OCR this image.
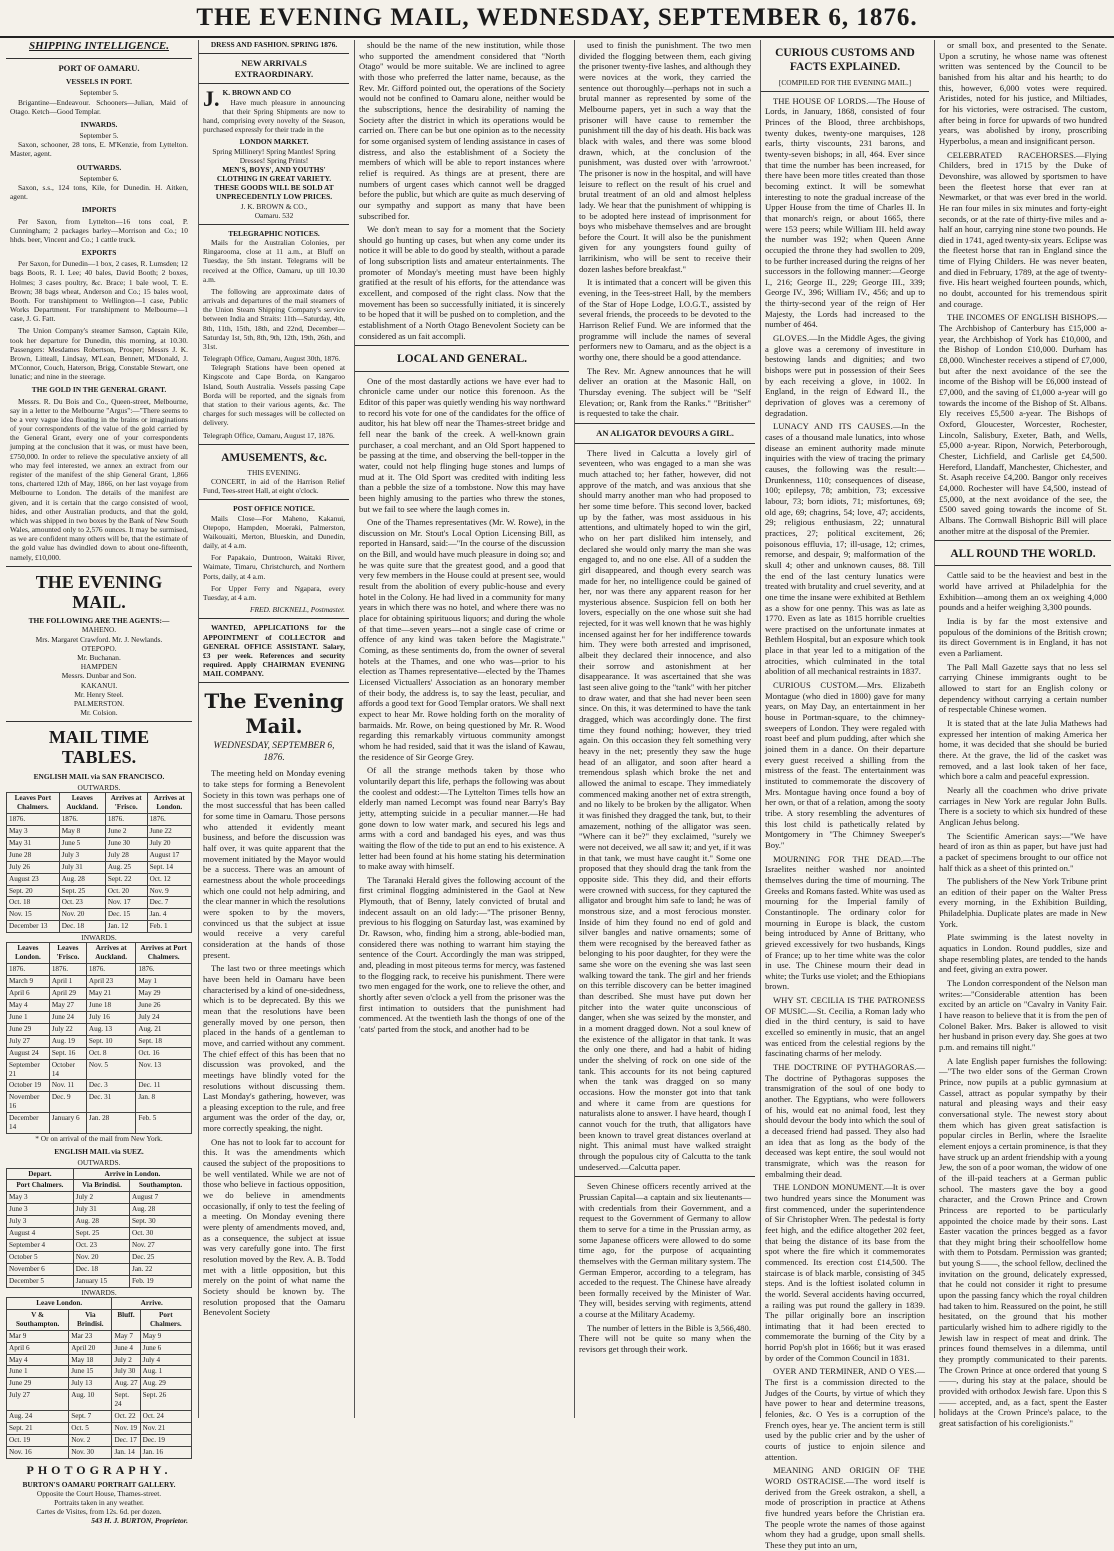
THE EVENING MAIL, WEDNESDAY, SEPTEMBER 6, 1876.
SHIPPING INTELLIGENCE.
PORT OF OAMARU.
VESSELS IN PORT.
September 5.

Brigantine—Endeavour. Schooners—Julian, Maid of Otago. Ketch—Good Templar.

INWARDS.
September 5.

Saxon, schooner, 28 tons, E. M'Kenzie, from Lyttelton. Master, agent.

OUTWARDS.
September 6.

Saxon, s.s., 124 tons, Kile, for Dunedin. H. Aitken, agent.

IMPORTS

Per Saxon, from Lyttelton—16 tons coal, P. Cunningham; 2 packages barley—Morrison and Co.; 10 hhds. beer, Vincent and Co.; 1 cattle truck.

EXPORTS

Per Saxon, for Dunedin—1 box, 2 cases, R. Lumsden; 12 bags Boots, R. I. Lee; 40 bales, David Booth; 2 boxes, Holmes; 3 cases poultry, &c. Brace; 1 bale wool, T. E. Brown; 38 bags wheat, Anderson and Co.; 15 bales wool, Booth. For transhipment to Wellington—1 case, Public Works Department. For transhipment to Melbourne—1 case, J. G. Fatt.

The Union Company's steamer Samson, Captain Kile, took her departure for Dunedin, this morning, at 10.30. Passengers: Mesdames Robertson, Prosper; Messrs J. K. Brown, Litteall, Lindsay, M'Lean, Bennett, M'Donald, J. M'Connor, Couch, Haterson, Brigg, Constable Stewart, one lunatic; and nine in the steerage.

THE GOLD IN THE GENERAL GRANT.

Messrs. R. Du Bois and Co., Queen-street, Melbourne, say in a letter to the Melbourne "Argus":—"There seems to be a very vague idea floating in the brains or imaginations of your correspondents of the value of the gold carried by the General Grant, every one of your correspondents jumping at the conclusion that it was, or must have been, £750,000. In order to relieve the speculative anxiety of all who may feel interested, we annex an extract from our register of the manifest of the ship General Grant, 1,866 tons, chartered 12th of May, 1866, on her last voyage from Melbourne to London. The details of the manifest are given, and it is certain that the cargo consisted of wool, hides, and other Australian products, and that the gold, which was shipped in two boxes by the Bank of New South Wales, amounted only to 2,576 ounces. It may be surmised, as we are confident many others will be, that the estimate of the gold value has dwindled down to about one-fifteenth, namely, £10,000.

THE EVENING MAIL.
THE FOLLOWING ARE THE AGENTS:—
MAHENO.
Mrs. Margaret Crawford. Mr. J. Newlands.
OTEPOPO.
Mr. Buchanan.
HAMPDEN
Messrs. Dunbar and Son.
KAKANUI.
Mr. Henry Steel.
PALMERSTON.
Mr. Colsion.
MAIL TIME TABLES.
ENGLISH MAIL via SAN FRANCISCO.
OUTWARDS.
Leaves Port Chalmers.	Leaves Auckland.	Arrives at 'Frisco.	Arrives at London.
1876.	1876.	1876.	1876.
May 3	May 8	June 2	June 22
May 31	June 5	June 30	July 20
June 28	July 3	July 28	August 17
July 26	July 31	Aug. 25	Sept. 14
August 23	Aug. 28	Sept. 22	Oct. 12
Sept. 20	Sept. 25	Oct. 20	Nov. 9
Oct. 18	Oct. 23	Nov. 17	Dec. 7
Nov. 15	Nov. 20	Dec. 15	Jan. 4
December 13	Dec. 18	Jan. 12	Feb. 1
INWARDS.
Leaves London.	Leaves 'Frisco.	Arrives at Auckland.	Arrives at Port Chalmers.
1876.	1876.	1876.	1876.
March 9	April 1	April 23	May 1
April 6	April 29	May 21	May 29
May 4	May 27	June 18	June 26
June 1	June 24	July 16	July 24
June 29	July 22	Aug. 13	Aug. 21
July 27	Aug. 19	Sept. 10	Sept. 18
August 24	Sept. 16	Oct. 8	Oct. 16
September 21	October 14	Nov. 5	Nov. 13
October 19	Nov. 11	Dec. 3	Dec. 11
November 16	Dec. 9	Dec. 31	Jan. 8
December 14	January 6	Jan. 28	Feb. 5
* Or on arrival of the mail from New York.
ENGLISH MAIL via SUEZ.
OUTWARDS.
Depart.	Arrive in London.	
Port Chalmers.	Via Brindisi.	Southampton.
May 3	July 2	August 7
June 3	July 31	Aug. 28
July 3	Aug. 28	Sept. 30
August 4	Sept. 25	Oct. 30
September 4	Oct. 23	Nov. 27
October 5	Nov. 20	Dec. 25
November 6	Dec. 18	Jan. 22
December 5	January 15	Feb. 19
INWARDS.
Leave London.		Arrive.	
V & Southampton.	Via Brindisi.	Bluff.	Port Chalmers.
Mar 9	Mar 23	May 7	May 9
April 6	April 20	June 4	June 6
May 4	May 18	July 2	July 4
June 1	June 15	July 30	Aug. 1
June 29	July 13	Aug. 27	Aug. 29
July 27	Aug. 10	Sept. 24	Sept. 26
Aug. 24	Sept. 7	Oct. 22	Oct. 24
Sept. 21	Oct. 5	Nov. 19	Nov. 21
Oct. 19	Nov. 2	Dec. 17	Dec. 19
Nov. 16	Nov. 30	Jan. 14	Jan. 16
PHOTOGRAPHY.
BURTON'S OAMARU PORTRAIT GALLERY.
Opposite the Court House, Thames-street.
Portraits taken in any weather.
Cartes de Visites, from 12s. 6d. per dozen.
543 H. J. BURTON, Proprietor.
DRESS AND FASHION. SPRING 1876.
NEW ARRIVALS EXTRAORDINARY.
J. K. BROWN AND CO

Have much pleasure in announcing that their Spring Shipments are now to hand, comprising every novelty of the Season, purchased expressly for their trade in the

LONDON MARKET.
Spring Millinery! Spring Mantles! Spring Dresses! Spring Prints!
MEN'S, BOYS', AND YOUTHS' CLOTHING IN GREAT VARIETY.
THESE GOODS WILL BE SOLD AT UNPRECEDENTLY LOW PRICES.
J. K. BROWN & CO.,
Oamaru. 532
TELEGRAPHIC NOTICES.

Mails for the Australian Colonies, per Ringarooma, close at 11 a.m., at Bluff on Tuesday, the 5th instant. Telegrams will be received at the Office, Oamaru, up till 10.30 a.m.

The following are approximate dates of arrivals and departures of the mail steamers of the Union Steam Shipping Company's service between India and Straits: 11th—Saturday, 4th, 8th, 11th, 15th, 18th, and 22nd, December—Saturday 1st, 5th, 8th, 9th, 12th, 19th, 26th, and 31st.

Telegraph Office, Oamaru, August 30th, 1876.

Telegraph Stations have been opened at Kingscote and Cape Borda, on Kangaroo Island, South Australia. Vessels passing Cape Borda will be reported, and the signals from that station to their various agents, &c. The charges for such messages will be collected on delivery.

Telegraph Office, Oamaru, August 17, 1876.
AMUSEMENTS, &c.
THIS EVENING.

CONCERT, in aid of the Harrison Relief Fund, Tees-street Hall, at eight o'clock.

POST OFFICE NOTICE.

Mails Close—For Maheno, Kakanui, Otepopo, Hampden, Moeraki, Palmerston, Waikouaiti, Merton, Blueskin, and Dunedin, daily, at 4 a.m.

For Papakaio, Duntroon, Waitaki River, Waimate, Timaru, Christchurch, and Northern Ports, daily, at 4 a.m.

For Upper Ferry and Ngapara, every Tuesday, at 4 a.m.

FRED. BICKNELL, Postmaster.

WANTED, APPLICATIONS for the APPOINTMENT of COLLECTOR and GENERAL OFFICE ASSISTANT. Salary, £3 per week. References and security required. Apply CHAIRMAN EVENING MAIL COMPANY.

The Evening Mail.
WEDNESDAY, SEPTEMBER 6, 1876.

The meeting held on Monday evening to take steps for forming a Benevolent Society in this town was perhaps one of the most successful that has been called for some time in Oamaru. Those persons who attended it evidently meant business, and before the discussion was half over, it was quite apparent that the movement initiated by the Mayor would be a success. There was an amount of earnestness about the whole proceedings which one could not help admiring, and the clear manner in which the resolutions were spoken to by the movers, convinced us that the subject at issue would receive a very careful consideration at the hands of those present.

The last two or three meetings which have been held in Oamaru have been characterised by a kind of one-sidedness, which is to be deprecated. By this we mean that the resolutions have been generally moved by one person, then placed in the hands of a gentleman to move, and carried without any comment. The chief effect of this has been that no discussion was provoked, and the meetings have blindly voted for the resolutions without discussing them. Last Monday's gathering, however, was a pleasing exception to the rule, and free argument was the order of the day, or, more correctly speaking, the night.

One has not to look far to account for this. It was the amendments which caused the subject of the propositions to be well ventilated. While we are not of those who believe in factious opposition, we do believe in amendments occasionally, if only to test the feeling of a meeting. On Monday evening there were plenty of amendments moved, and, as a consequence, the subject at issue was very carefully gone into. The first resolution moved by the Rev. A. B. Todd met with a little opposition, but this merely on the point of what name the Society should be known by. The resolution proposed that the Oamaru Benevolent Society

should be the name of the new institution, while those who supported the amendment considered that "North Otago" would be more suitable. We are inclined to agree with those who preferred the latter name, because, as the Rev. Mr. Gifford pointed out, the operations of the Society would not be confined to Oamaru alone, neither would be the subscriptions, hence the desirability of naming the Society after the district in which its operations would be carried on. There can be but one opinion as to the necessity for some organised system of lending assistance in cases of distress, and also the establishment of a Society the members of which will be able to report instances where relief is required. As things are at present, there are numbers of urgent cases which cannot well be dragged before the public, but which are quite as much deserving of our sympathy and support as many that have been subscribed for.

We don't mean to say for a moment that the Society should go hunting up cases, but when any come under its notice it will be able to do good by stealth, without a parade of long subscription lists and amateur entertainments. The promoter of Monday's meeting must have been highly gratified at the result of his efforts, for the attendance was excellent, and composed of the right class. Now that the movement has been so successfully initiated, it is sincerely to be hoped that it will be pushed on to completion, and the establishment of a North Otago Benevolent Society can be considered as un fait accompli.

LOCAL AND GENERAL.

One of the most dastardly actions we have ever had to chronicle came under our notice this forenoon. As the Editor of this paper was quietly wending his way northward to record his vote for one of the candidates for the office of auditor, his hat blew off near the Thames-street bridge and fell near the bank of the creek. A well-known grain purchaser, a coal merchant, and an Old Sport happened to be passing at the time, and observing the bell-topper in the water, could not help flinging huge stones and lumps of mud at it. The Old Sport was credited with inditing less than a pebble the size of a tombstone. Now this may have been highly amusing to the parties who threw the stones, but we fail to see where the laugh comes in.

One of the Thames representatives (Mr. W. Rowe), in the discussion on Mr. Stout's Local Option Licensing Bill, as reported in Hansard, said:—"In the course of the discussion on the Bill, and would have much pleasure in doing so; and he was quite sure that the greatest good, and a good that very few members in the House could at present see, would result from the abolition of every public-house and every hotel in the Colony. He had lived in a community for many years in which there was no hotel, and where there was no place for obtaining spirituous liquors; and during the whole of that time—seven years—not a single case of crime or offence of any kind was taken before the Magistrate." Coming, as these sentiments do, from the owner of several hotels at the Thames, and one who was—prior to his election as Thames representative—elected by the Thames Licensed Victuallers' Association as an honorary member of their body, the address is, to say the least, peculiar, and affords a good text for Good Templar orators. We shall next expect to hear Mr. Rowe holding forth on the morality of barmaids. Mr. Rowe, on being questioned by Mr. R. Wood regarding this remarkably virtuous community amongst whom he had resided, said that it was the island of Kawau, the residence of Sir George Grey.

Of all the strange methods taken by those who voluntarily depart this life, perhaps the following was about the coolest and oddest:—The Lyttelton Times tells how an elderly man named Lecompt was found near Barry's Bay jetty, attempting suicide in a peculiar manner.—He had gone down to low water mark, and secured his legs and arms with a cord and bandaged his eyes, and was thus waiting the flow of the tide to put an end to his existence. A letter had been found at his home stating his determination to make away with himself.

The Taranaki Herald gives the following account of the first criminal flogging administered in the Gaol at New Plymouth, that of Benny, lately convicted of brutal and indecent assault on an old lady:—"The prisoner Benny, previous to his flogging on Saturday last, was examined by Dr. Rawson, who, finding him a strong, able-bodied man, considered there was nothing to warrant him staying the sentence of the Court. Accordingly the man was stripped, and, pleading in most piteous terms for mercy, was fastened to the flogging rack, to receive his punishment. There were two men engaged for the work, one to relieve the other, and shortly after seven o'clock a yell from the prisoner was the first intimation to outsiders that the punishment had commenced. At the twentieth lash the thongs of one of the 'cats' parted from the stock, and another had to be

used to finish the punishment. The two men divided the flogging between them, each giving the prisoner twenty-five lashes, and although they were novices at the work, they carried the sentence out thoroughly—perhaps not in such a brutal manner as represented by some of the Melbourne papers, yet in such a way that the prisoner will have cause to remember the punishment till the day of his death. His back was black with wales, and there was some blood drawn, which, at the conclusion of the punishment, was dusted over with 'arrowroot.' The prisoner is now in the hospital, and will have leisure to reflect on the result of his cruel and brutal treatment of an old and almost helpless lady. We hear that the punishment of whipping is to be adopted here instead of imprisonment for boys who misbehave themselves and are brought before the Court. It will also be the punishment given for any youngsters found guilty of larrikinism, who will be sent to receive their dozen lashes before breakfast."

It is intimated that a concert will be given this evening, in the Tees-street Hall, by the members of the Star of Hope Lodge, I.O.G.T., assisted by several friends, the proceeds to be devoted to the Harrison Relief Fund. We are informed that the programme will include the names of several performers new to Oamaru, and as the object is a worthy one, there should be a good attendance.

The Rev. Mr. Agnew announces that he will deliver an oration at the Masonic Hall, on Thursday evening. The subject will be "Self Elevation; or, Rank from the Ranks." "Britisher" is requested to take the chair.

AN ALIGATOR DEVOURS A GIRL.

There lived in Calcutta a lovely girl of seventeen, who was engaged to a man she was much attached to; her father, however, did not approve of the match, and was anxious that she should marry another man who had proposed to her some time before. This second lover, backed up by the father, was most assiduous in his attentions, and ultimately hoped to win the girl, who on her part disliked him intensely, and declared she would only marry the man she was engaged to, and no one else. All of a sudden the girl disappeared, and though every search was made for her, no intelligence could be gained of her, nor was there any apparent reason for her mysterious absence. Suspicion fell on both her lovers, especially on the one whose suit she had rejected, for it was well known that he was highly incensed against her for her indifference towards him. They were both arrested and imprisoned, albeit they declared their innocence, and also their sorrow and astonishment at her disappearance. It was ascertained that she was last seen alive going to the "tank" with her pitcher to draw water, and that she had never been seen since. On this, it was determined to have the tank dragged, which was accordingly done. The first time they found nothing; however, they tried again. On this occasion they felt something very heavy in the net; presently they saw the huge head of an alligator, and soon after heard a tremendous splash which broke the net and allowed the animal to escape. They immediately commenced making another net of extra strength, and no likely to be broken by the alligator. When it was finished they dragged the tank, but, to their amazement, nothing of the alligator was seen. "Where can it be?" they exclaimed, "surely we were not deceived, we all saw it; and yet, if it was in that tank, we must have caught it." Some one proposed that they should drag the tank from the opposite side. This they did, and their efforts were crowned with success, for they captured the alligator and brought him safe to land; he was of monstrous size, and a most ferocious monster. Inside of him they found no end of gold and silver bangles and native ornaments; some of them were recognised by the bereaved father as belonging to his poor daughter, for they were the same she wore on the evening she was last seen walking toward the tank. The girl and her friends on this terrible discovery can be better imagined than described. She must have put down her pitcher into the water quite unconscious of danger, when she was seized by the monster, and in a moment dragged down. Not a soul knew of the existence of the alligator in that tank. It was the only one there, and had a habit of hiding under the shelving of rock on one side of the tank. This accounts for its not being captured when the tank was dragged on so many occasions. How the monster got into that tank and where it came from are questions for naturalists alone to answer. I have heard, though I cannot vouch for the truth, that alligators have been known to travel great distances overland at night. This animal must have walked straight through the populous city of Calcutta to the tank undeserved.—Calcutta paper.

Seven Chinese officers recently arrived at the Prussian Capital—a captain and six lieutenants—with credentials from their Government, and a request to the Government of Germany to allow them to serve for a time in the Prussian army, as some Japanese officers were allowed to do some time ago, for the purpose of acquainting themselves with the German military system. The German Emperor, according to a telegram, has acceded to the request. The Chinese have already been formally received by the Minister of War. They will, besides serving with regiments, attend a course at the Military Academy.

The number of letters in the Bible is 3,566,480. There will not be quite so many when the revisors get through their work.

CURIOUS CUSTOMS AND FACTS EXPLAINED.
[COMPILED FOR THE EVENING MAIL.]

THE HOUSE OF LORDS.—The House of Lords, in January, 1868, consisted of four Princes of the Blood, three archbishops, twenty dukes, twenty-one marquises, 128 earls, thirty viscounts, 231 barons, and twenty-seven bishops; in all, 464. Ever since that time the number has been increased, for there have been more titles created than those becoming extinct. It will be somewhat interesting to note the gradual increase of the Upper House from the time of Charles II. In that monarch's reign, or about 1665, there were 153 peers; while William III. held away the number was 192; when Queen Anne occupied the throne they had swollen to 209, to be further increased during the reigns of her successors in the following manner:—George I., 216; George II., 229; George III., 339; George IV., 396; William IV., 456; and up to the thirty-second year of the reign of Her Majesty, the Lords had increased to the number of 464.

GLOVES.—In the Middle Ages, the giving a glove was a ceremony of investiture in bestowing lands and dignities; and two bishops were put in possession of their Sees by each receiving a glove, in 1002. In England, in the reign of Edward II., the deprivation of gloves was a ceremony of degradation.

LUNACY AND ITS CAUSES.—In the cases of a thousand male lunatics, into whose disease an eminent authority made minute inquiries with the view of tracing the primary causes, the following was the result:—Drunkenness, 110; consequences of disease, 100; epilepsy, 78; ambition, 73; excessive labour, 73; born idiots, 71; misfortunes, 69; old age, 69; chagrins, 54; love, 47; accidents, 29; religious enthusiasm, 22; unnatural practices, 27; political excitement, 26; poisonous effluvia, 17; ill-usage, 12; crimes, remorse, and despair, 9; malformation of the skull 4; other and unknown causes, 88. Till the end of the last century lunatics were treated with brutality and cruel severity, and at one time the insane were exhibited at Bethlem as a show for one penny. This was as late as 1770. Even as late as 1815 horrible cruelties were practised on the unfortunate inmates at Bethlem Hospital, but an exposure which took place in that year led to a mitigation of the atrocities, which culminated in the total abolition of all mechanical restraints in 1837.

CURIOUS CUSTOM.—Mrs. Elizabeth Montague (who died in 1800) gave for many years, on May Day, an entertainment in her house in Portman-square, to the chimney-sweepers of London. They were regaled with roast beef and plum pudding, after which she joined them in a dance. On their departure every guest received a shilling from the mistress of the feast. The entertainment was instituted to commemorate the discovery of Mrs. Montague having once found a boy of her own, or that of a relation, among the sooty tribe. A story resembling the adventures of this lost child is pathetically related by Montgomery in "The Chimney Sweeper's Boy."

MOURNING FOR THE DEAD.—The Israelites neither washed nor anointed themselves during the time of mourning. The Greeks and Romans fasted. White was used as mourning for the Imperial family of Constantinople. The ordinary color for mourning in Europe is black, the custom being introduced by Anne of Brittany, who grieved excessively for two husbands, Kings of France; up to her time white was the color in use. The Chinese mourn their dead in white; the Turks use violet; and the Ethiopians brown.

WHY ST. CECILIA IS THE PATRONESS OF MUSIC.—St. Cecilia, a Roman lady who died in the third century, is said to have excelled so eminently in music, that an angel was enticed from the celestial regions by the fascinating charms of her melody.

THE DOCTRINE OF PYTHAGORAS.—The doctrine of Pythagoras supposes the transmigration of the soul of one body to another. The Egyptians, who were followers of his, would eat no animal food, lest they should devour the body into which the soul of a deceased friend had passed. They also had an idea that as long as the body of the deceased was kept entire, the soul would not transmigrate, which was the reason for embalming their dead.

THE LONDON MONUMENT.—It is over two hundred years since the Monument was first commenced, under the superintendence of Sir Christopher Wren. The pedestal is forty feet high, and the edifice altogether 202 feet, that being the distance of its base from the spot where the fire which it commemorates commenced. Its erection cost £14,500. The staircase is of black marble, consisting of 345 steps. And is the loftiest isolated column in the world. Several accidents having occurred, a railing was put round the gallery in 1839. The pillar originally bore an inscription intimating that it had been erected to commemorate the burning of the City by a horrid Pop'sh plot in 1666; but it was erased by order of the Common Council in 1831.

OYER AND TERMINER, AND O YES.—The first is a commission directed to the Judges of the Courts, by virtue of which they have power to hear and determine treasons, felonies, &c. O Yes is a corruption of the French oyes, hear ye. The ancient term is still used by the public crier and by the usher of courts of justice to enjoin silence and attention.

MEANING AND ORIGIN OF THE WORD OSTRACISE.—The word itself is derived from the Greek ostrakon, a shell, a mode of proscription in practice at Athens five hundred years before the Christian era. The people wrote the names of those against whom they had a grudge, upon small shells. These they put into an urn,

or small box, and presented to the Senate. Upon a scrutiny, he whose name was oftenest written was sentenced by the Council to be banished from his altar and his hearth; to do this, however, 6,000 votes were required. Aristides, noted for his justice, and Miltiades, for his victories, were ostracised. The custom, after being in force for upwards of two hundred years, was abolished by irony, proscribing Hyperbolus, a mean and insignificant person.

CELEBRATED RACEHORSES.—Flying Childers, bred in 1715 by the Duke of Devonshire, was allowed by sportsmen to have been the fleetest horse that ever ran at Newmarket, or that was ever bred in the world. He ran four miles in six minutes and forty-eight seconds, or at the rate of thirty-five miles and a-half an hour, carrying nine stone two pounds. He died in 1741, aged twenty-six years. Eclipse was the fleetest horse that ran in England since the time of Flying Childers. He was never beaten, and died in February, 1789, at the age of twenty-five. His heart weighed fourteen pounds, which, no doubt, accounted for his tremendous spirit and courage.

THE INCOMES OF ENGLISH BISHOPS.—The Archbishop of Canterbury has £15,000 a-year, the Archbishop of York has £10,000, and the Bishop of London £10,000. Durham has £8,000. Winchester receives a stipend of £7,000, but after the next avoidance of the see the income of the Bishop will be £6,000 instead of £7,000, and the saving of £1,000 a-year will go towards the income of the Bishop of St. Albans. Ely receives £5,500 a-year. The Bishops of Oxford, Gloucester, Worcester, Rochester, Lincoln, Salisbury, Exeter, Bath, and Wells, £5,000 a-year. Ripon, Norwich, Peterborough, Chester, Lichfield, and Carlisle get £4,500. Hereford, Llandaff, Manchester, Chichester, and St. Asaph receive £4,200. Bangor only receives £4,000. Rochester will have £4,500, instead of £5,000, at the next avoidance of the see, the £500 saved going towards the income of St. Albans. The Cornwall Bishopric Bill will place another mitre at the disposal of the Premier.

ALL ROUND THE WORLD.

Cattle said to be the heaviest and best in the world have arrived at Philadelphia for the Exhibition—among them an ox weighing 4,000 pounds and a heifer weighing 3,300 pounds.

India is by far the most extensive and populous of the dominions of the British crown; its direct Government is in England, it has not even a Parliament.

The Pall Mall Gazette says that no less sel carrying Chinese immigrants ought to be allowed to start for an English colony or dependency without carrying a certain number of respectable Chinese women.

It is stated that at the late Julia Mathews had expressed her intention of making America her home, it was decided that she should be buried there. At the grave, the lid of the casket was removed, and a last look taken of her face, which bore a calm and peaceful expression.

Nearly all the coachmen who drive private carriages in New York are regular John Bulls. There is a society to which six hundred of these Anglican Jehus belong.

The Scientific American says:—"We have heard of iron as thin as paper, but have just had a packet of specimens brought to our office not half thick as a sheet of this printed on."

The publishers of the New York Tribune print an edition of their paper on the Walter Press every morning, in the Exhibition Building, Philadelphia. Duplicate plates are made in New York.

Plate swimming is the latest novelty in aquatics in London. Round puddles, size and shape resembling plates, are tended to the hands and feet, giving an extra power.

The London correspondent of the Nelson man writes:—"Considerable attention has been excited by an article on "Cavalry in Vanity Fair. I have reason to believe that it is from the pen of Colonel Baker. Mrs. Baker is allowed to visit her husband in prison every day. She goes at two p.m. and remains till night."

A late English paper furnishes the following:—"The two elder sons of the German Crown Prince, now pupils at a public gymnasium at Cassel, attract as popular sympathy by their natural and pleasing ways and their easy conversational style. The newest story about them which has given great satisfaction is popular circles in Berlin, where the Israelite element enjoys a certain prominence, is that they have struck up an ardent friendship with a young Jew, the son of a poor woman, the widow of one of the ill-paid teachers at a German public school. The masters gave the boy a good character, and the Crown Prince and Crown Princess are reported to be particularly appointed the choice made by their sons. Last Easter vacation the princes begged as a favor that they might bring their schoolfellow home with them to Potsdam. Permission was granted; but young S——, the school fellow, declined the invitation on the ground, delicately expressed, that he could not consider it right to presume upon the passing fancy which the royal children had taken to him. Reassured on the point, he still hesitated, on the ground that his mother particularly wished him to adhere rigidly to the Jewish law in respect of meat and drink. The princes found themselves in a dilemma, until they promptly communicated to their parents. The Crown Prince at once ordered that young S——, during his stay at the palace, should be provided with orthodox Jewish fare. Upon this S—— accepted, and, as a fact, spent the Easter holidays at the Crown Prince's palace, to the great satisfaction of his coreligionists."
